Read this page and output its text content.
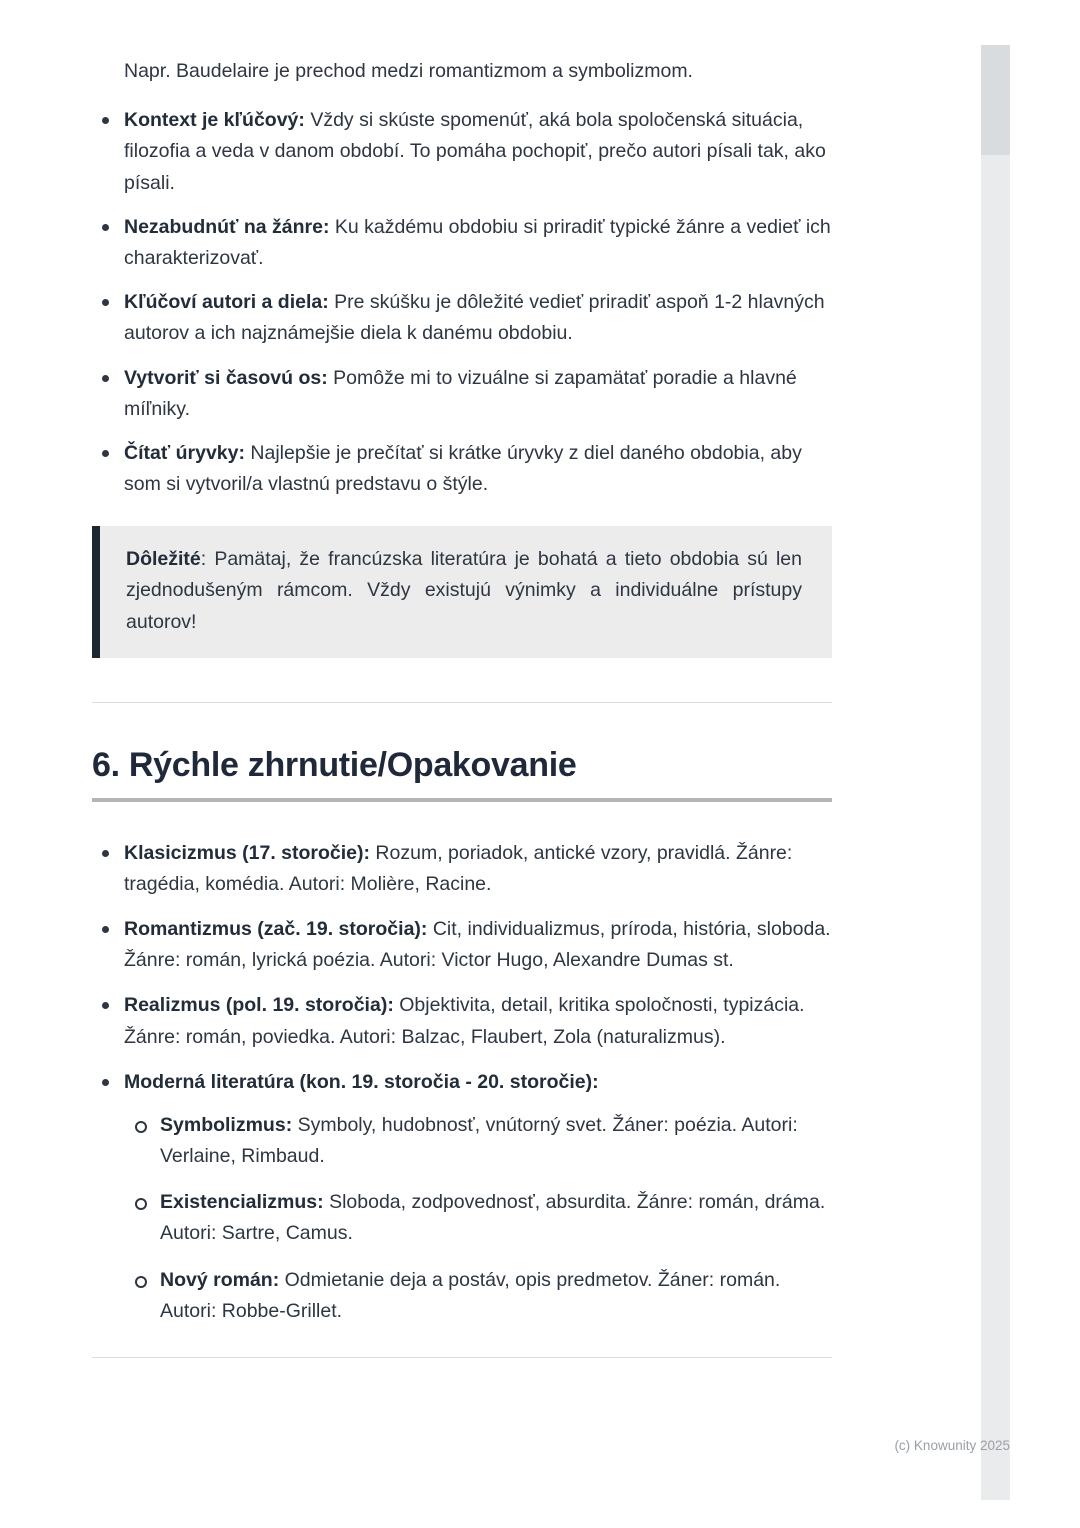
Napr. Baudelaire je prechod medzi romantizmom a symbolizmom.

Kontext je kľúčový: Vždy si skúste spomenúť, aká bola spoločenská situácia, filozofia a veda v danom období. To pomáha pochopiť, prečo autori písali tak, ako písali.
Nezabudnúť na žánre: Ku každému obdobiu si priradiť typické žánre a vedieť ich charakterizovať.
Kľúčoví autori a diela: Pre skúšku je dôležité vedieť priradiť aspoň 1-2 hlavných autorov a ich najznámejšie diela k danému obdobiu.
Vytvoriť si časovú os: Pomôže mi to vizuálne si zapamätať poradie a hlavné míľniky.
Čítať úryvky: Najlepšie je prečítať si krátke úryvky z diel daného obdobia, aby som si vytvoril/a vlastnú predstavu o štýle.
Dôležité: Pamätaj, že francúzska literatúra je bohatá a tieto obdobia sú len zjednodušeným rámcom. Vždy existujú výnimky a individuálne prístupy autorov!
6. Rýchle zhrnutie/Opakovanie
Klasicizmus (17. storočie): Rozum, poriadok, antické vzory, pravidlá. Žánre: tragédia, komédia. Autori: Molière, Racine.
Romantizmus (zač. 19. storočia): Cit, individualizmus, príroda, história, sloboda. Žánre: román, lyrická poézia. Autori: Victor Hugo, Alexandre Dumas st.
Realizmus (pol. 19. storočia): Objektivita, detail, kritika spoločnosti, typizácia. Žánre: román, poviedka. Autori: Balzac, Flaubert, Zola (naturalizmus).
Moderná literatúra (kon. 19. storočia - 20. storočie):
Symbolizmus: Symboly, hudobnosť, vnútorný svet. Žáner: poézia. Autori: Verlaine, Rimbaud.
Existencializmus: Sloboda, zodpovednosť, absurdita. Žánre: román, dráma. Autori: Sartre, Camus.
Nový román: Odmietanie deja a postáv, opis predmetov. Žáner: román. Autori: Robbe-Grillet.
(c) Knowunity 2025
